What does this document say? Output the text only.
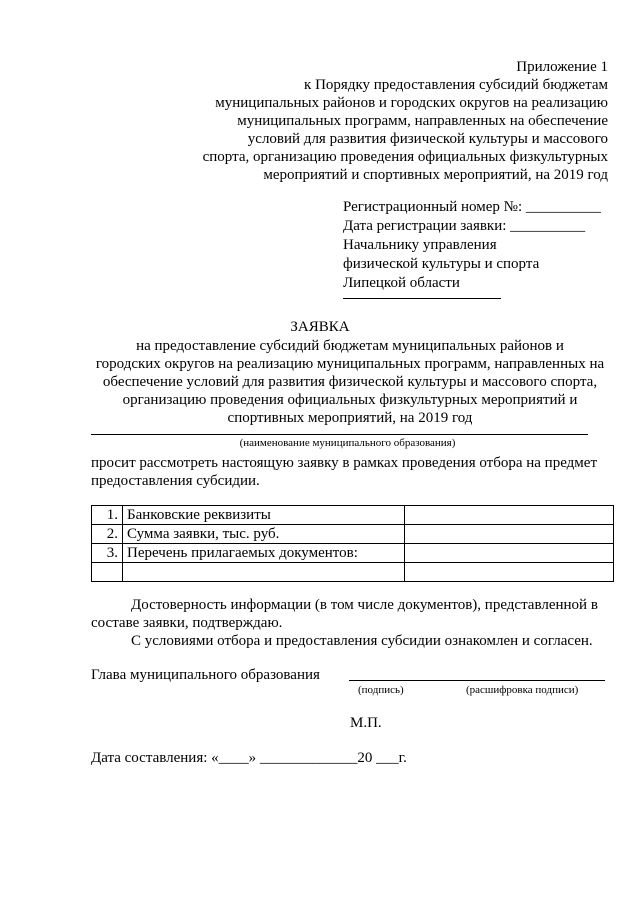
Приложение 1
к Порядку предоставления субсидий бюджетам
муниципальных районов и городских округов на реализацию
муниципальных программ, направленных на обеспечение
условий для развития физической культуры и массового
спорта, организацию проведения официальных физкультурных
мероприятий и спортивных мероприятий, на 2019 год
Регистрационный номер №: __________
Дата регистрации заявки: __________
Начальнику управления
физической культуры и спорта
Липецкой области
ЗАЯВКА
на предоставление субсидий бюджетам муниципальных районов и
городских округов на реализацию муниципальных программ, направленных на
обеспечение условий для развития физической культуры и массового спорта,
организацию проведения официальных физкультурных мероприятий и
спортивных мероприятий, на 2019 год
(наименование муниципального образования)
просит рассмотреть настоящую заявку в рамках проведения отбора на предмет
предоставления субсидии.
1.	Банковские реквизиты	
2.	Сумма заявки, тыс. руб.	
3.	Перечень прилагаемых документов:	

Достоверность информации (в том числе документов), представленной в
составе заявки, подтверждаю.
С условиями отбора и предоставления субсидии ознакомлен и согласен.
Глава муниципального образования
(подпись)	(расшифровка подписи)
М.П.
Дата составления: «____» _____________20 ___г.
